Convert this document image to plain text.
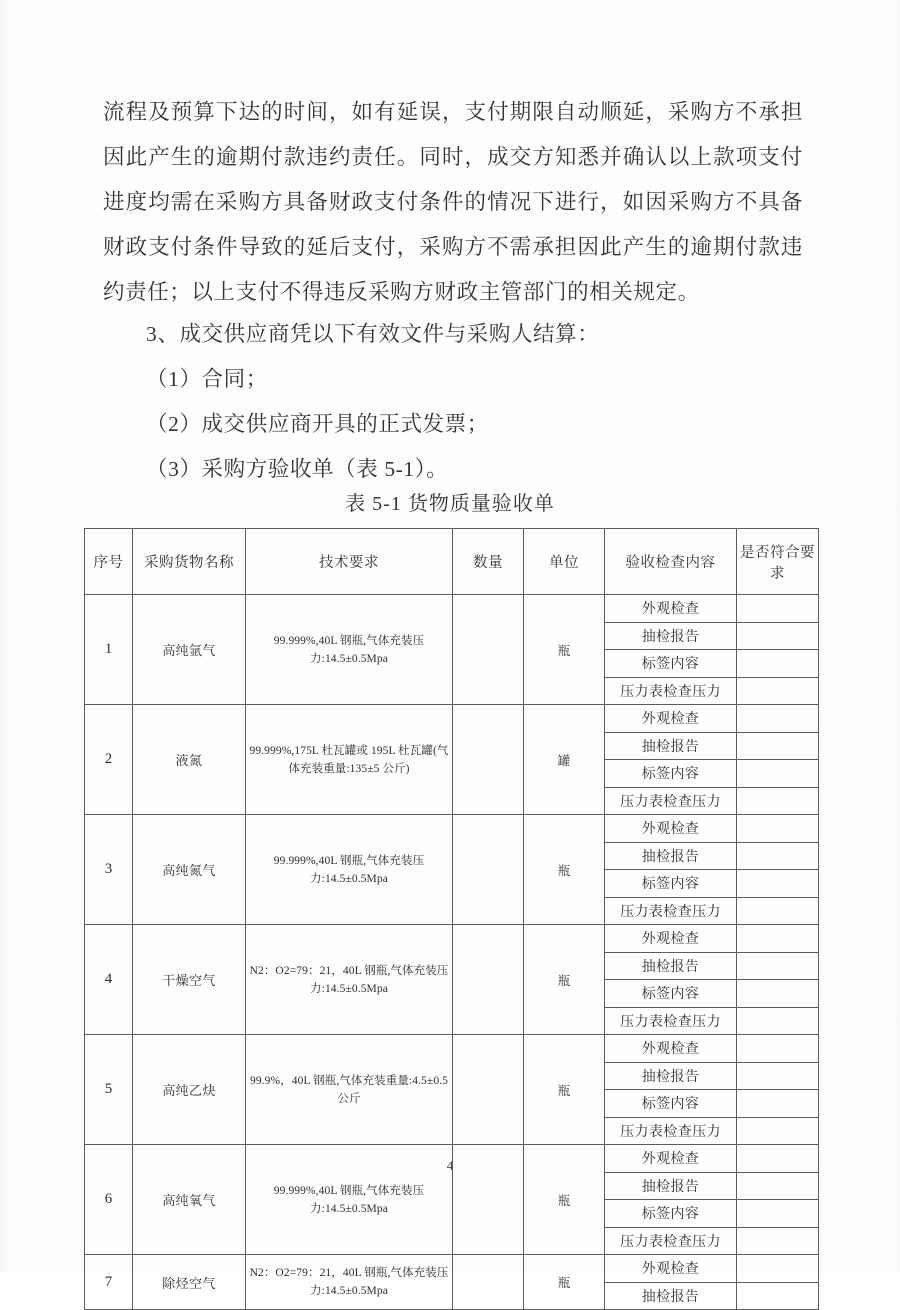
流程及预算下达的时间，如有延误，支付期限自动顺延，采购方不承担因此产生的逾期付款违约责任。同时，成交方知悉并确认以上款项支付进度均需在采购方具备财政支付条件的情况下进行，如因采购方不具备财政支付条件导致的延后支付，采购方不需承担因此产生的逾期付款违约责任；以上支付不得违反采购方财政主管部门的相关规定。

3、成交供应商凭以下有效文件与采购人结算：

（1）合同；

（2）成交供应商开具的正式发票；

（3）采购方验收单（表 5-1）。

表 5-1 货物质量验收单
序号	采购货物名称	技术要求	数量	单位	验收检查内容	是否符合要求
1	高纯氩气	99.999%,40L 钢瓶,气体充装压力:14.5±0.5Mpa		瓶	外观检查	
					抽检报告	
					标签内容	
					压力表检查压力	
2	液氮	99.999%,175L 杜瓦罐或 195L 杜瓦罐(气体充装重量:135±5 公斤)		罐	外观检查	
					抽检报告	
					标签内容	
					压力表检查压力	
3	高纯氮气	99.999%,40L 钢瓶,气体充装压力:14.5±0.5Mpa		瓶	外观检查	
					抽检报告	
					标签内容	
					压力表检查压力	
4	干燥空气	N2：O2=79：21，40L 钢瓶,气体充装压力:14.5±0.5Mpa		瓶	外观检查	
					抽检报告	
					标签内容	
					压力表检查压力	
5	高纯乙炔	99.9%，40L 钢瓶,气体充装重量:4.5±0.5 公斤		瓶	外观检查	
					抽检报告	
					标签内容	
					压力表检查压力	
6	高纯氧气	99.999%,40L 钢瓶,气体充装压力:14.5±0.5Mpa		瓶	外观检查	
					抽检报告	
					标签内容	
					压力表检查压力	
7	除烃空气	N2：O2=79：21，40L 钢瓶,气体充装压力:14.5±0.5Mpa		瓶	外观检查	
					抽检报告	
4
